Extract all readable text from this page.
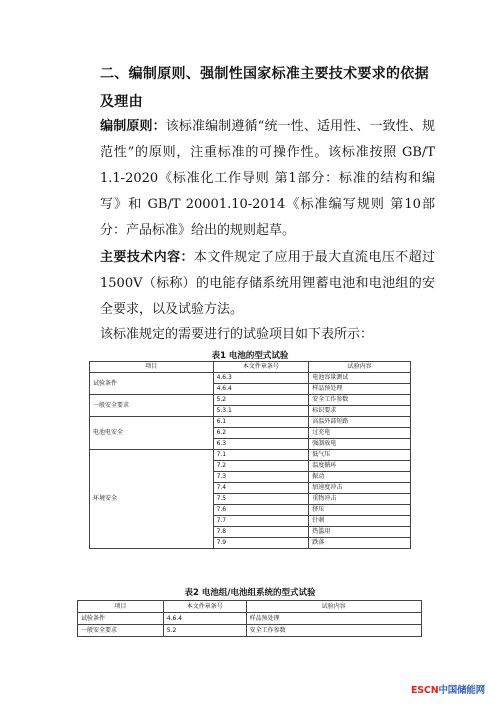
二、编制原则、强制性国家标准主要技术要求的依据及理由
编制原则：该标准编制遵循“统一性、适用性、一致性、规范性”的原则，注重标准的可操作性。该标准按照 GB/T 1.1-2020《标准化工作导则 第1部分：标准的结构和编写》和 GB/T 20001.10-2014《标准编写规则 第10部分：产品标准》给出的规则起草。
主要技术内容：本文件规定了应用于最大直流电压不超过1500V（标称）的电能存储系统用锂蓄电池和电池组的安全要求，以及试验方法。
该标准规定的需要进行的试验项目如下表所示：
表1 电池的型式试验
项目	本文件章条号	试验内容
试验条件	4.6.3	电池容量测试
	4.6.4	样品预处理
一般安全要求	5.2	安全工作参数
	5.3.1	标识要求
电池电安全	6.1	高温外部短路
	6.2	过充电
	6.3	强制放电
环境安全	7.1	低气压
	7.2	温度循环
	7.3	振动
	7.4	加速度冲击
	7.5	重物冲击
	7.6	挤压
	7.7	针刺
	7.8	热滥用
	7.9	跌落
表2 电池组/电池组系统的型式试验
项目	本文件章条号	试验内容
试验条件	4.6.4	样品预处理
一般安全要求	5.2	安全工作参数
ESCN中国储能网
